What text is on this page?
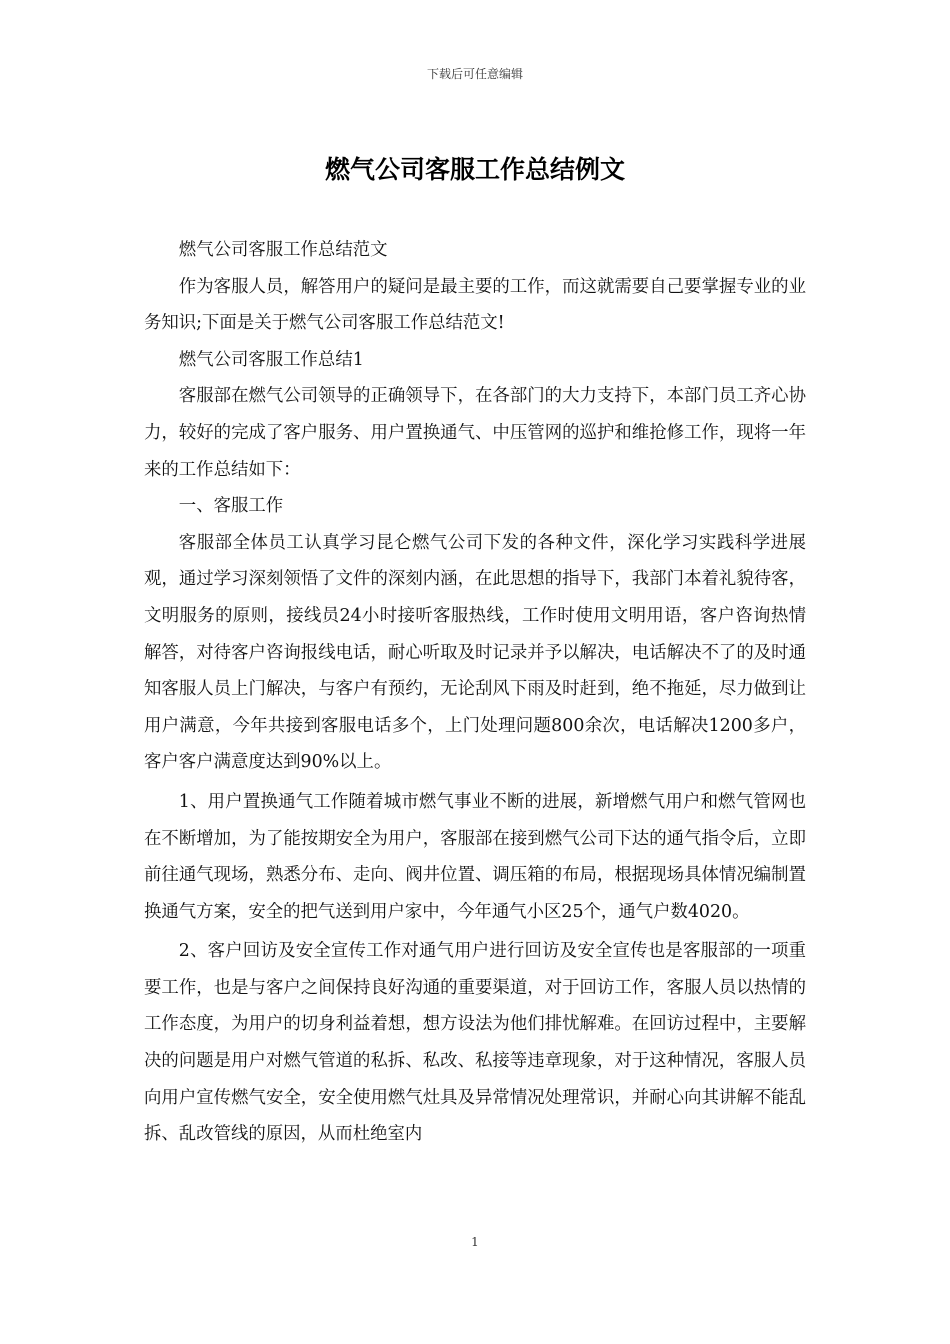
下载后可任意编辑
燃气公司客服工作总结例文

燃气公司客服工作总结范文

作为客服人员，解答用户的疑问是最主要的工作，而这就需要自己要掌握专业的业务知识;下面是关于燃气公司客服工作总结范文!

燃气公司客服工作总结1

客服部在燃气公司领导的正确领导下，在各部门的大力支持下，本部门员工齐心协力，较好的完成了客户服务、用户置换通气、中压管网的巡护和维抢修工作，现将一年来的工作总结如下：

一、客服工作

客服部全体员工认真学习昆仑燃气公司下发的各种文件，深化学习实践科学进展观，通过学习深刻领悟了文件的深刻内涵，在此思想的指导下，我部门本着礼貌待客，文明服务的原则，接线员24小时接听客服热线，工作时使用文明用语，客户咨询热情解答，对待客户咨询报线电话，耐心听取及时记录并予以解决，电话解决不了的及时通知客服人员上门解决，与客户有预约，无论刮风下雨及时赶到，绝不拖延，尽力做到让用户满意，今年共接到客服电话多个，上门处理问题800余次，电话解决1200多户，客户客户满意度达到90%以上。

1、用户置换通气工作随着城市燃气事业不断的进展，新增燃气用户和燃气管网也在不断增加，为了能按期安全为用户，客服部在接到燃气公司下达的通气指令后，立即前往通气现场，熟悉分布、走向、阀井位置、调压箱的布局，根据现场具体情况编制置换通气方案，安全的把气送到用户家中，今年通气小区25个，通气户数4020。

2、客户回访及安全宣传工作对通气用户进行回访及安全宣传也是客服部的一项重要工作，也是与客户之间保持良好沟通的重要渠道，对于回访工作，客服人员以热情的工作态度，为用户的切身利益着想，想方设法为他们排忧解难。在回访过程中，主要解决的问题是用户对燃气管道的私拆、私改、私接等违章现象，对于这种情况，客服人员向用户宣传燃气安全，安全使用燃气灶具及异常情况处理常识，并耐心向其讲解不能乱拆、乱改管线的原因，从而杜绝室内

1
